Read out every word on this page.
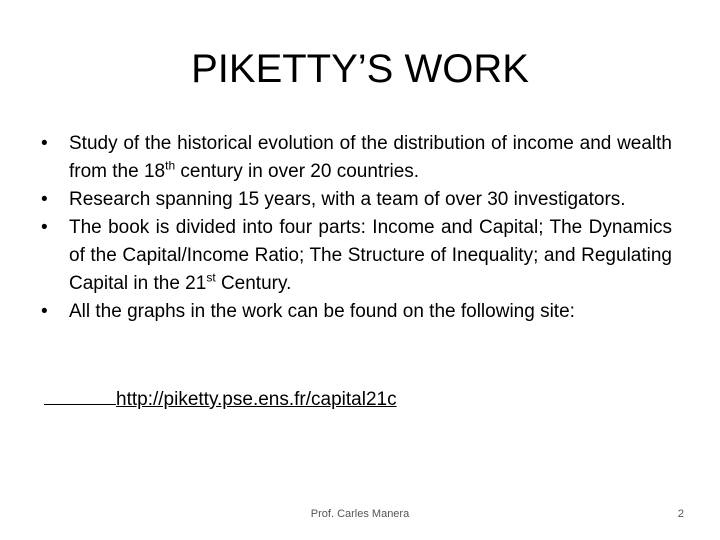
PIKETTY’S WORK
• Study of the historical evolution of the distribution of income and wealth from the 18th century in over 20 countries.
• Research spanning 15 years, with a team of over 30 investigators.
• The book is divided into four parts: Income and Capital; The Dynamics of the Capital/Income Ratio; The Structure of Inequality; and Regulating Capital in the 21st Century.
• All the graphs in the work can be found on the following site:
http://piketty.pse.ens.fr/capital21c
Prof. Carles Manera	2
